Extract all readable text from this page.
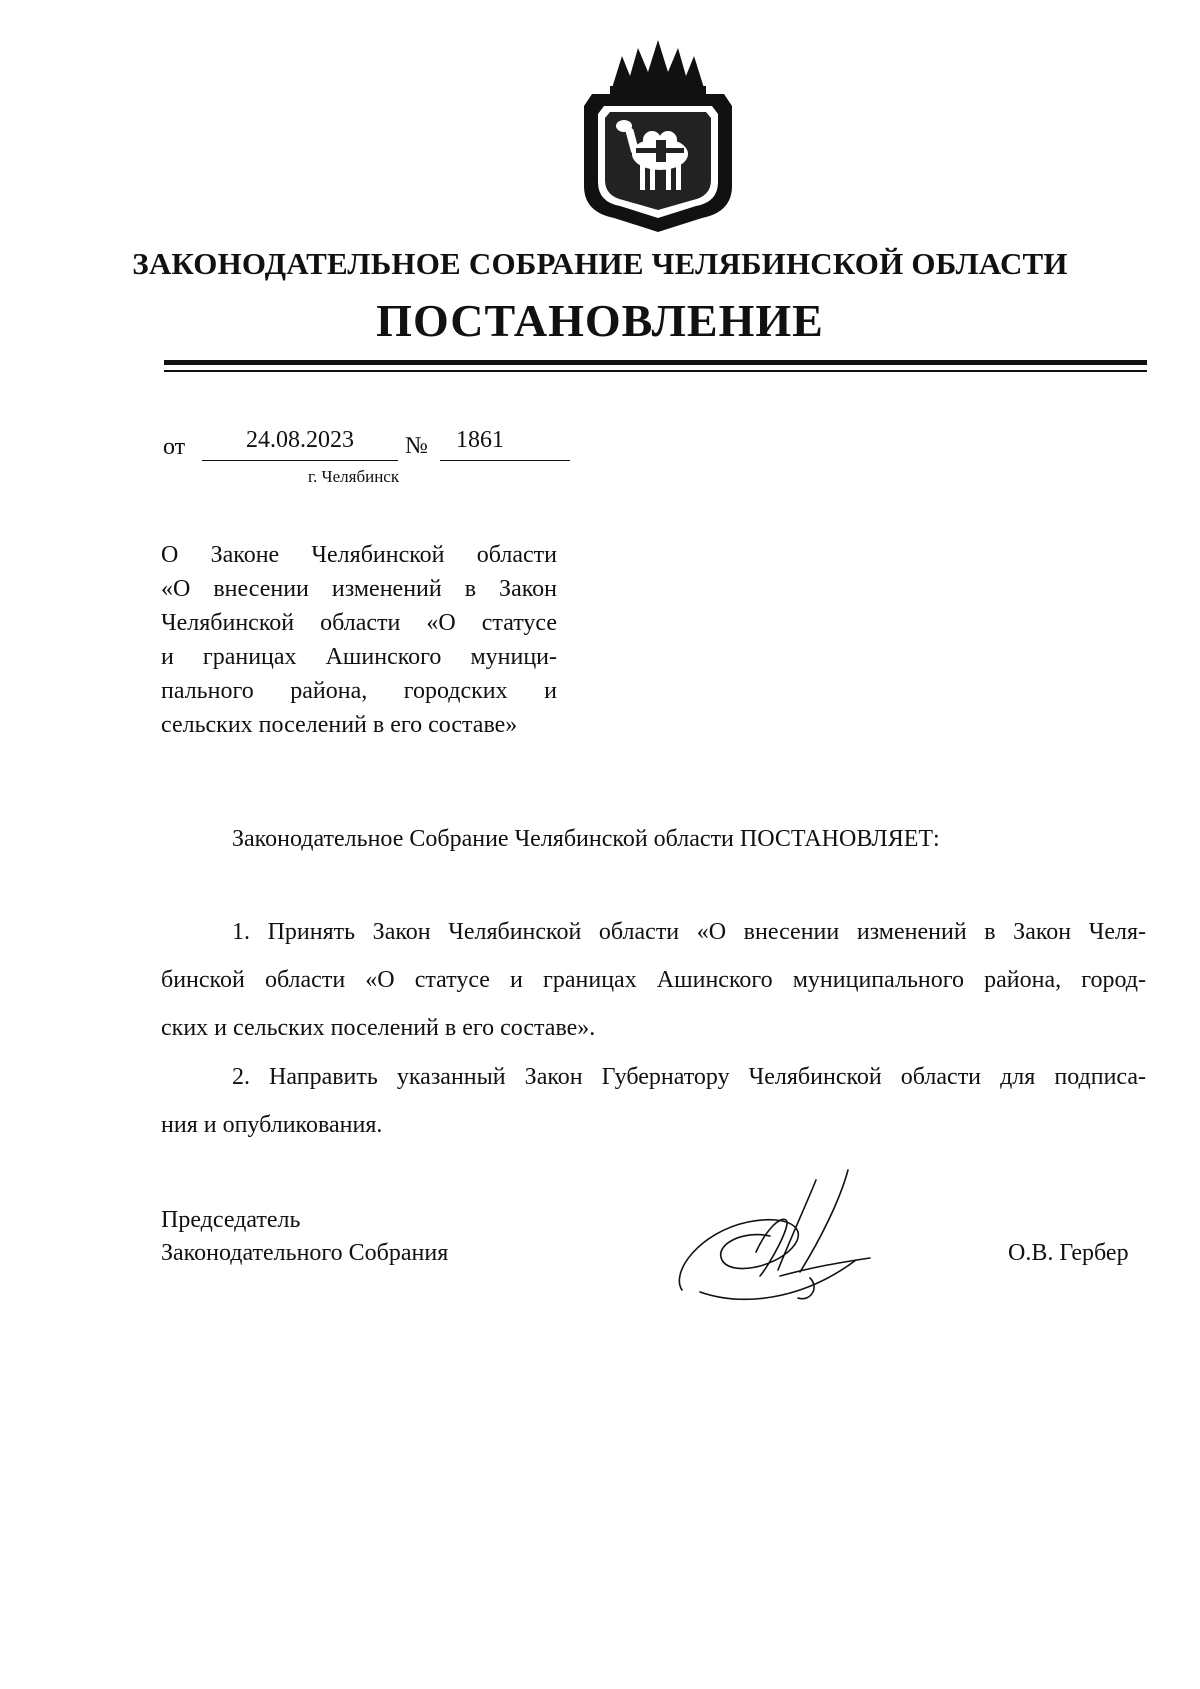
ЗАКОНОДАТЕЛЬНОЕ СОБРАНИЕ ЧЕЛЯБИНСКОЙ ОБЛАСТИ
ПОСТАНОВЛЕНИЕ
от	24.08.2023	№	1861
г. Челябинск
О Законе Челябинской области
«О внесении изменений в Закон
Челябинской области «О статусе
и границах Ашинского муници-
пального района, городских и
сельских поселений в его составе»
Законодательное Собрание Челябинской области ПОСТАНОВЛЯЕТ:
1. Принять Закон Челябинской области «О внесении изменений в Закон Челя-
бинской области «О статусе и границах Ашинского муниципального района, город-
ских и сельских поселений в его составе».
2. Направить указанный Закон Губернатору Челябинской области для подписа-
ния и опубликования.
Председатель
Законодательного Собрания	О.В. Гербер
